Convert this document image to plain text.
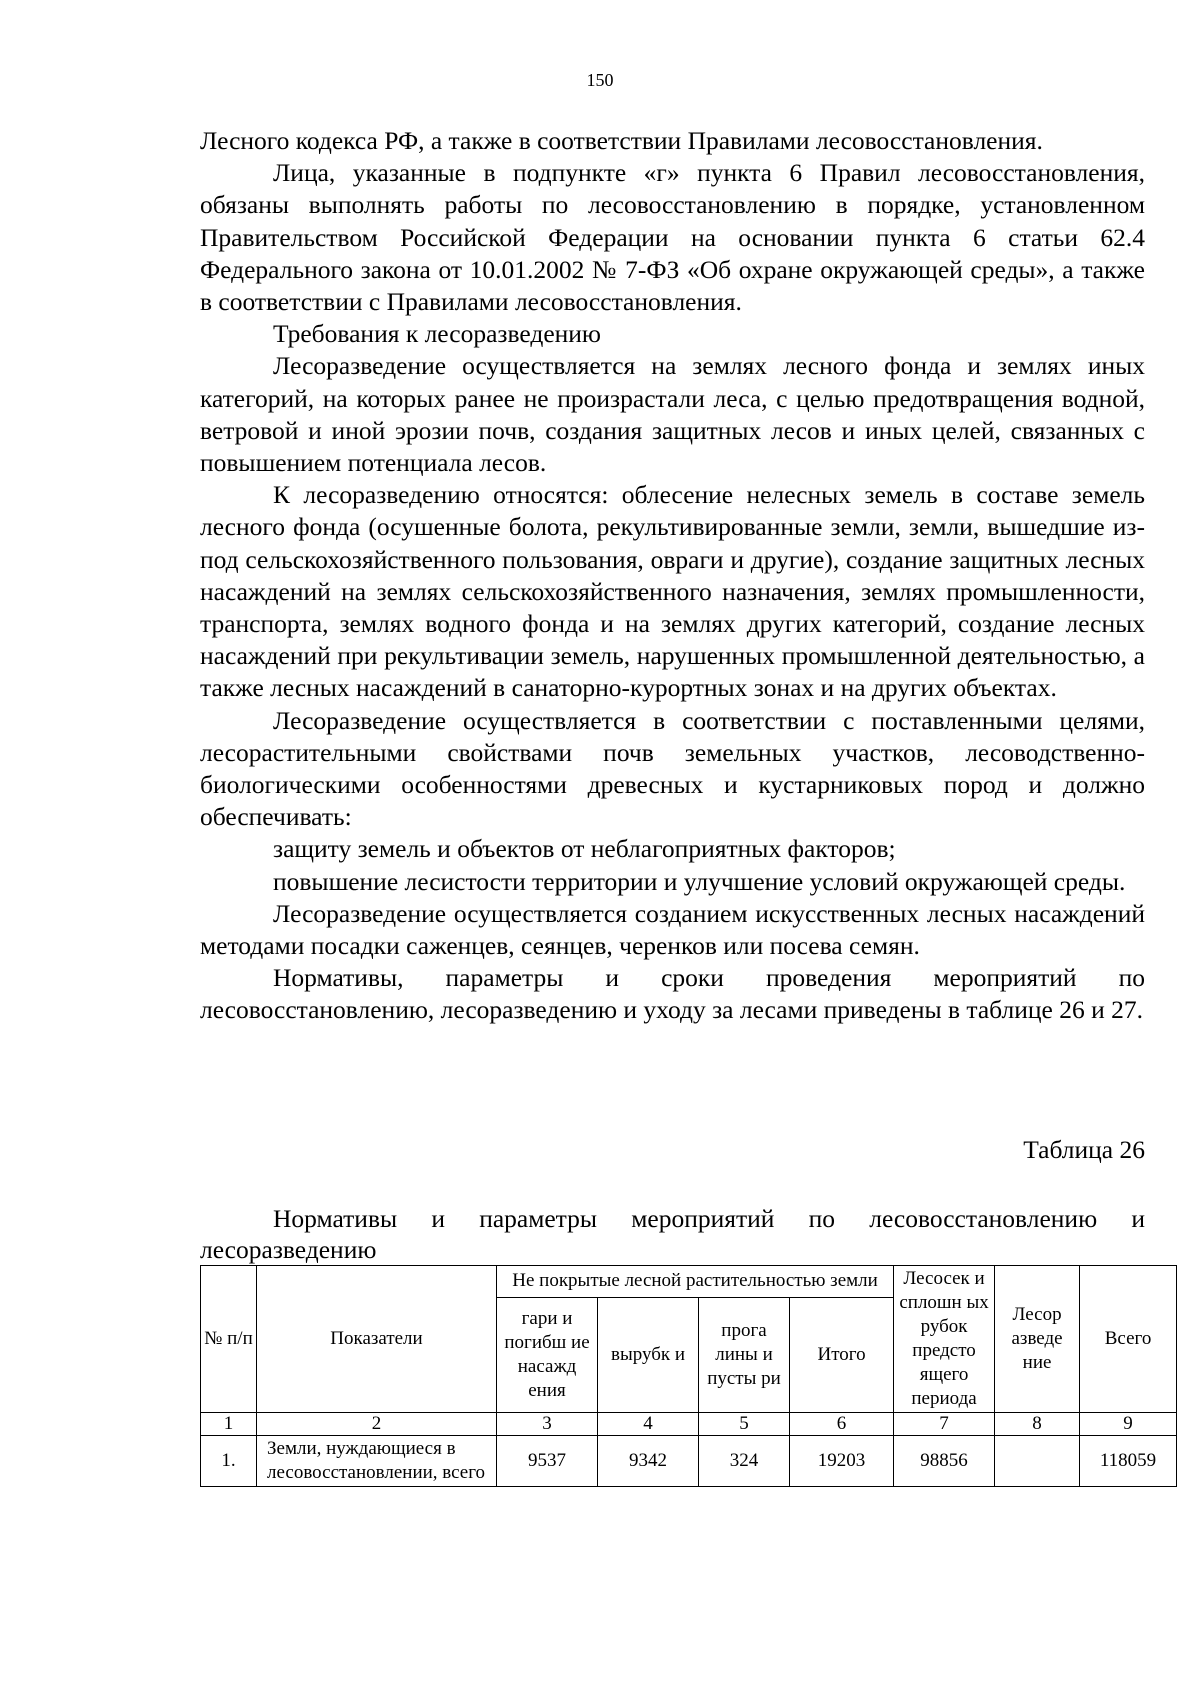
150

Лесного кодекса РФ, а также в соответствии Правилами лесовосстановления.

Лица, указанные в подпункте «г» пункта 6 Правил лесовосстановления, обязаны выполнять работы по лесовосстановлению в порядке, установленном Правительством Российской Федерации на основании пункта 6 статьи 62.4 Федерального закона от 10.01.2002 № 7-ФЗ «Об охране окружающей среды», а также в соответствии с Правилами лесовосстановления.

Требования к лесоразведению

Лесоразведение осуществляется на землях лесного фонда и землях иных категорий, на которых ранее не произрастали леса, с целью предотвращения водной, ветровой и иной эрозии почв, создания защитных лесов и иных целей, связанных с повышением потенциала лесов.

К лесоразведению относятся: облесение нелесных земель в составе земель лесного фонда (осушенные болота, рекультивированные земли, земли, вышедшие из-под сельскохозяйственного пользования, овраги и другие), создание защитных лесных насаждений на землях сельскохозяйственного назначения, землях промышленности, транспорта, землях водного фонда и на землях других категорий, создание лесных насаждений при рекультивации земель, нарушенных промышленной деятельностью, а также лесных насаждений в санаторно-курортных зонах и на других объектах.

Лесоразведение осуществляется в соответствии с поставленными целями, лесорастительными свойствами почв земельных участков, лесоводственно-биологическими особенностями древесных и кустарниковых пород и должно обеспечивать:

защиту земель и объектов от неблагоприятных факторов;

повышение лесистости территории и улучшение условий окружающей среды.

Лесоразведение осуществляется созданием искусственных лесных насаждений методами посадки саженцев, сеянцев, черенков или посева семян.

Нормативы, параметры и сроки проведения мероприятий по лесовосстановлению, лесоразведению и уходу за лесами приведены в таблице 26 и 27.

Таблица 26
Нормативы и параметры мероприятий по лесовосстановлению и лесоразведению
№ п/п	Показатели	Не покрытые лесной растительностью земли				Лесосек и сплошн ых рубок предсто ящего периода	Лесор азведе ние	Всего
		гари и погибш ие насажд ения	вырубк и	прога лины и пусты ри	Итого			
1	2	3	4	5	6	7	8	9
1.	Земли, нуждающиеся в лесовосстановлении, всего	9537	9342	324	19203	98856		118059
